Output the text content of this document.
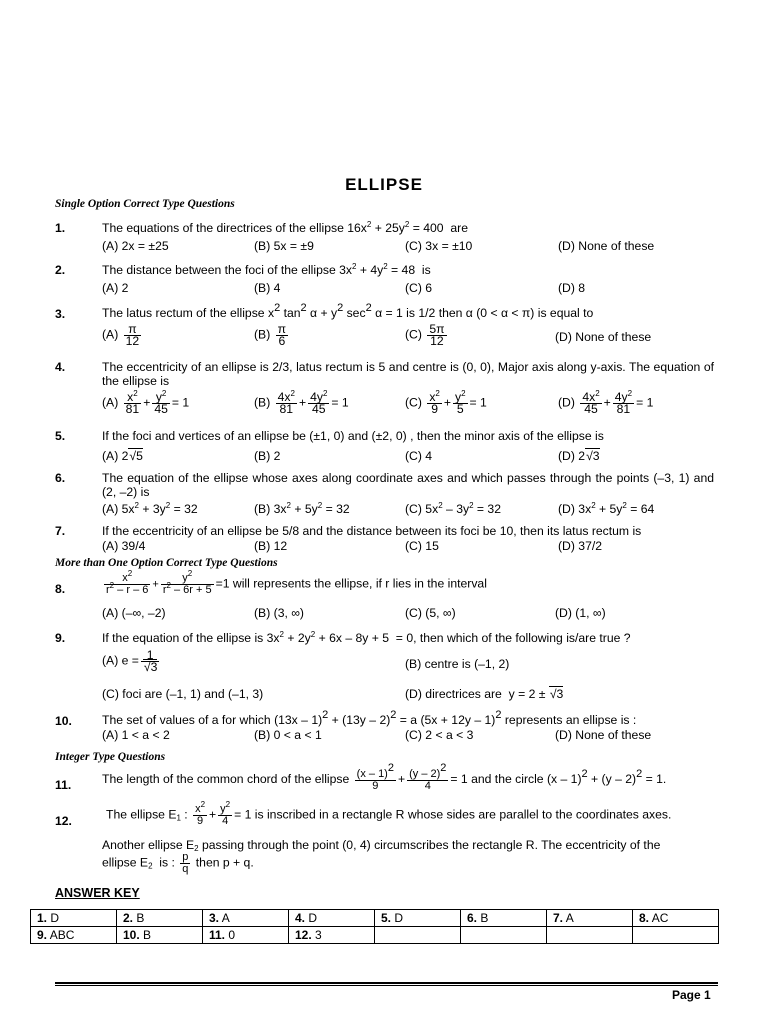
ELLIPSE
Single Option Correct Type Questions
1.	The equations of the directrices of the ellipse $16x^2 + 25y^2 = 400$  are
(A) 2x = ±25	(B) 5x = ±9	(C) 3x = ±10	(D) None of these
2.	The distance between the foci of the ellipse $3x^2 + 4y^2 = 48$  is
(A) 2	(B) 4	(C) 6	(D) 8
3.	The latus rectum of the ellipse $x^2$ $\tan^2 \alpha + y^2$ $\sec^2 \alpha = 1$ is 1/2 then α (0 < α < π) is equal to
$(A) \frac{\pi}{12}$	$(B) \frac{\pi}{6}$	$(C) \frac{5\pi}{12}$	(D) None of these
4.	The eccentricity of an ellipse is 2/3, latus rectum is 5 and centre is (0, 0), Major axis along y-axis. The equation of the ellipse is
$(A) \frac{x^2}{81} + \frac{y^2}{45} = 1$	$(B) \frac{4x^2}{81} + \frac{4y^2}{45} = 1$	$(C) \frac{x^2}{9} + \frac{y^2}{5} = 1$	$(D) \frac{4x^2}{45} + \frac{4y^2}{81} = 1$
5.	If the foci and vertices of an ellipse be (±1, 0) and (±2, 0) , then the minor axis of the ellipse is
(A) 2√5	(B) 2	(C) 4	(D) 2√3
6.	The equation of the ellipse whose axes along coordinate axes and which passes through the points (–3, 1) and (2, –2) is
(A) $5x^2 + 3y^2 = 32$	(B) $3x^2 + 5y^2 = 32$	(C) $5x^2 - 3y^2 = 32$	(D) $3x^2 + 5y^2 = 64$
7.	If the eccentricity of an ellipse be 5/8 and the distance between its foci be 10, then its latus rectum is
(A) 39/4	(B) 12	(C) 15	(D) 37/2
More than One Option Correct Type Questions
8.	$\frac{x^2}{r^2 - r - 6} + \frac{y^2}{r^2 - 6r + 5} =1$ will represents the ellipse, if r lies in the interval
(A) (–∞, –2)	(B) (3, ∞)	(C) (5, ∞)	(D) (1, ∞)
9.	If the equation of the ellipse is $3x^2 + 2y^2 + 6x - 8y + 5 = 0$, then which of the following is/are true ?
(A) $e = \frac{1}{√3}$	(B) centre is (–1, 2)
(C) foci are (–1, 1) and (–1, 3)	(D) directrices are  y = 2 ± √3
10. The set of values of a for which (13x – 1)$^2$ + (13y – 2)$^2$ = a $(5x + 12y - 1)^2$ represents an ellipse is :
(A) 1 < a < 2	(B) 0 < a < 1	(C) 2 < a < 3	(D) None of these
Integer Type Questions
11.	The length of the common chord of the ellipse $\frac{(x - 1)^2}{9} + \frac{(y - 2)^2}{4} = 1$ and the circle (x – 1)$^2$ + (y – 2)$^2$ = 1.
12.	The ellipse $E_1$ : $\frac{x^2}{9} + \frac{y^2}{4} = 1$ is inscribed in a rectangle R whose sides are parallel to the coordinates axes.
Another ellipse $E_2$ passing through the point (0, 4) circumscribes the rectangle R. The eccentricity of the
ellipse $E_2$  is : $\frac{p}{q}$ then p + q.
ANSWER KEY
1. D	2. B	3. A	4. D	5. D	6. B	7. A	8. AC
9. ABC	10. B	11. 0	12. 3				
Page 1
